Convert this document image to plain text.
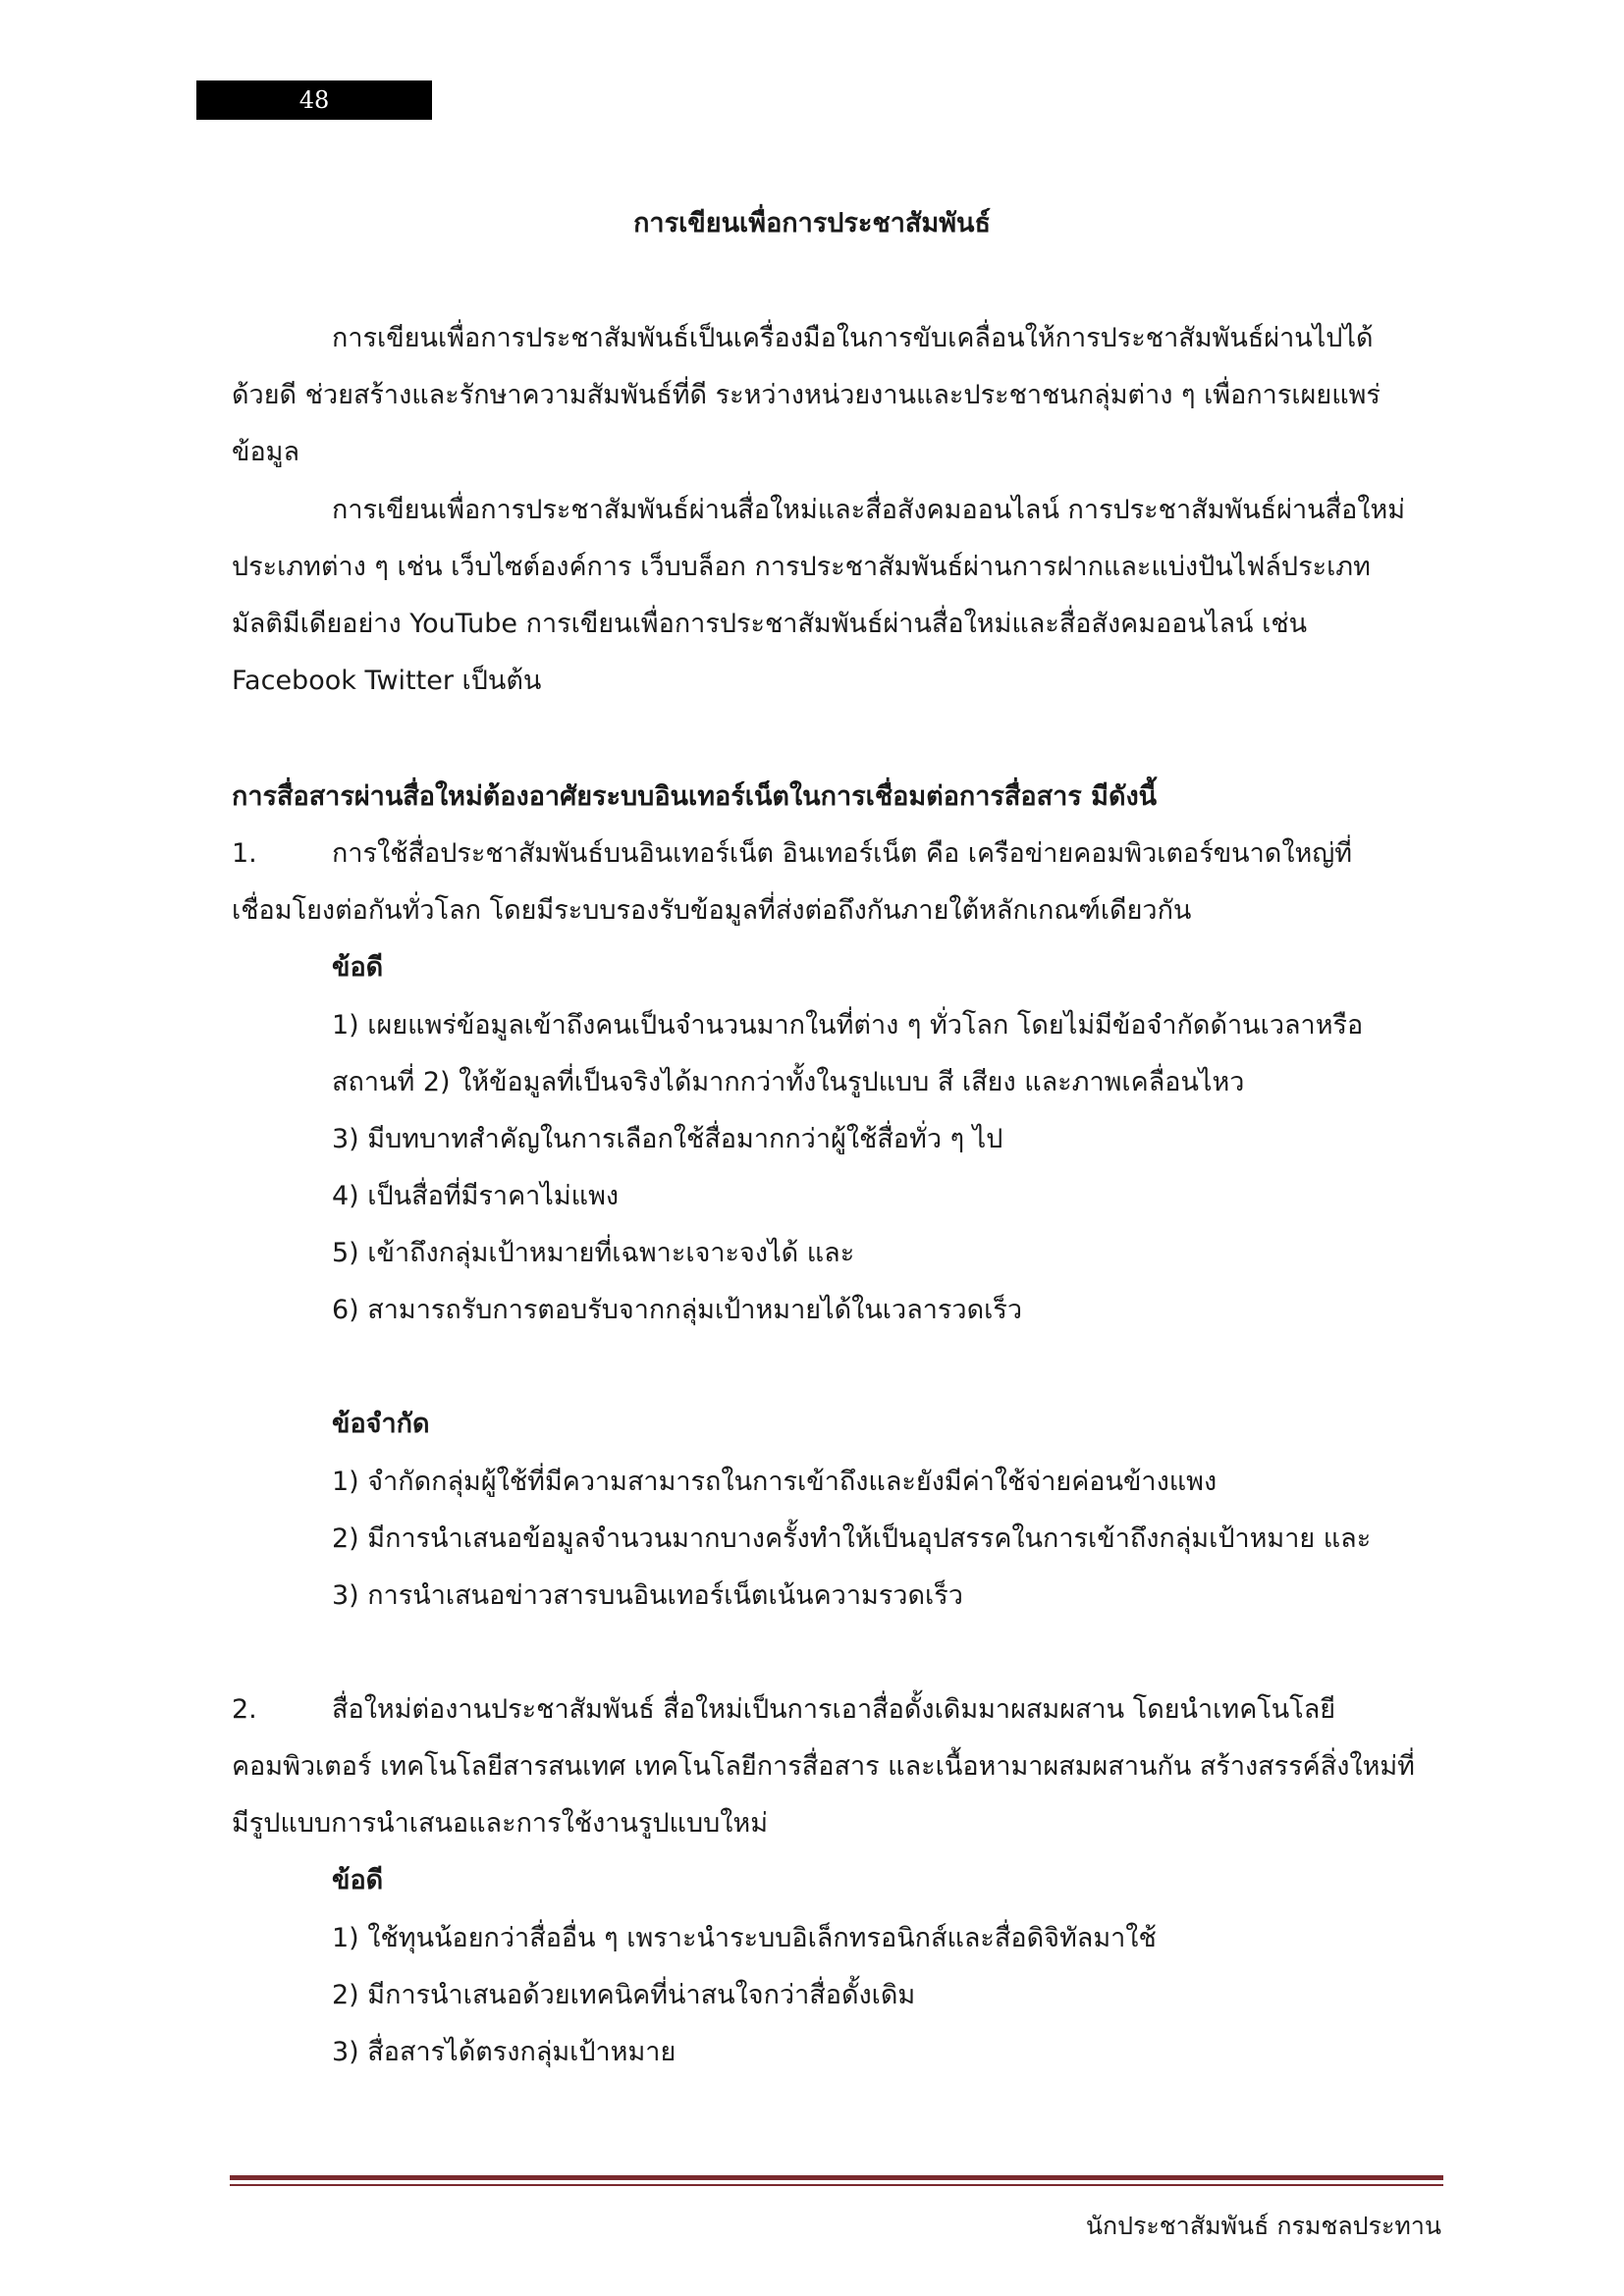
48
การเขียนเพื่อการประชาสัมพันธ์
การเขียนเพื่อการประชาสัมพันธ์เป็นเครื่องมือในการขับเคลื่อนให้การประชาสัมพันธ์ผ่านไปได้
ด้วยดี ช่วยสร้างและรักษาความสัมพันธ์ที่ดี ระหว่างหน่วยงานและประชาชนกลุ่มต่าง ๆ เพื่อการเผยแพร่
ข้อมูล
การเขียนเพื่อการประชาสัมพันธ์ผ่านสื่อใหม่และสื่อสังคมออนไลน์ การประชาสัมพันธ์ผ่านสื่อใหม่
ประเภทต่าง ๆ เช่น เว็บไซต์องค์การ เว็บบล็อก การประชาสัมพันธ์ผ่านการฝากและแบ่งปันไฟล์ประเภท
มัลติมีเดียอย่าง YouTube การเขียนเพื่อการประชาสัมพันธ์ผ่านสื่อใหม่และสื่อสังคมออนไลน์ เช่น
Facebook Twitter เป็นต้น
การสื่อสารผ่านสื่อใหม่ต้องอาศัยระบบอินเทอร์เน็ตในการเชื่อมต่อการสื่อสาร มีดังนี้
1.	การใช้สื่อประชาสัมพันธ์บนอินเทอร์เน็ต อินเทอร์เน็ต คือ เครือข่ายคอมพิวเตอร์ขนาดใหญ่ที่
เชื่อมโยงต่อกันทั่วโลก โดยมีระบบรองรับข้อมูลที่ส่งต่อถึงกันภายใต้หลักเกณฑ์เดียวกัน
ข้อดี
1) เผยแพร่ข้อมูลเข้าถึงคนเป็นจำนวนมากในที่ต่าง ๆ ทั่วโลก โดยไม่มีข้อจำกัดด้านเวลาหรือ
สถานที่ 2) ให้ข้อมูลที่เป็นจริงได้มากกว่าทั้งในรูปแบบ สี เสียง และภาพเคลื่อนไหว
3) มีบทบาทสำคัญในการเลือกใช้สื่อมากกว่าผู้ใช้สื่อทั่ว ๆ ไป
4) เป็นสื่อที่มีราคาไม่แพง
5) เข้าถึงกลุ่มเป้าหมายที่เฉพาะเจาะจงได้ และ
6) สามารถรับการตอบรับจากกลุ่มเป้าหมายได้ในเวลารวดเร็ว
ข้อจำกัด
1) จำกัดกลุ่มผู้ใช้ที่มีความสามารถในการเข้าถึงและยังมีค่าใช้จ่ายค่อนข้างแพง
2) มีการนำเสนอข้อมูลจำนวนมากบางครั้งทำให้เป็นอุปสรรคในการเข้าถึงกลุ่มเป้าหมาย และ
3) การนำเสนอข่าวสารบนอินเทอร์เน็ตเน้นความรวดเร็ว
2.	สื่อใหม่ต่องานประชาสัมพันธ์ สื่อใหม่เป็นการเอาสื่อดั้งเดิมมาผสมผสาน โดยนำเทคโนโลยี
คอมพิวเตอร์ เทคโนโลยีสารสนเทศ เทคโนโลยีการสื่อสาร และเนื้อหามาผสมผสานกัน สร้างสรรค์สิ่งใหม่ที่
มีรูปแบบการนำเสนอและการใช้งานรูปแบบใหม่
ข้อดี
1) ใช้ทุนน้อยกว่าสื่ออื่น ๆ เพราะนำระบบอิเล็กทรอนิกส์และสื่อดิจิทัลมาใช้
2) มีการนำเสนอด้วยเทคนิคที่น่าสนใจกว่าสื่อดั้งเดิม
3) สื่อสารได้ตรงกลุ่มเป้าหมาย
นักประชาสัมพันธ์ กรมชลประทาน
